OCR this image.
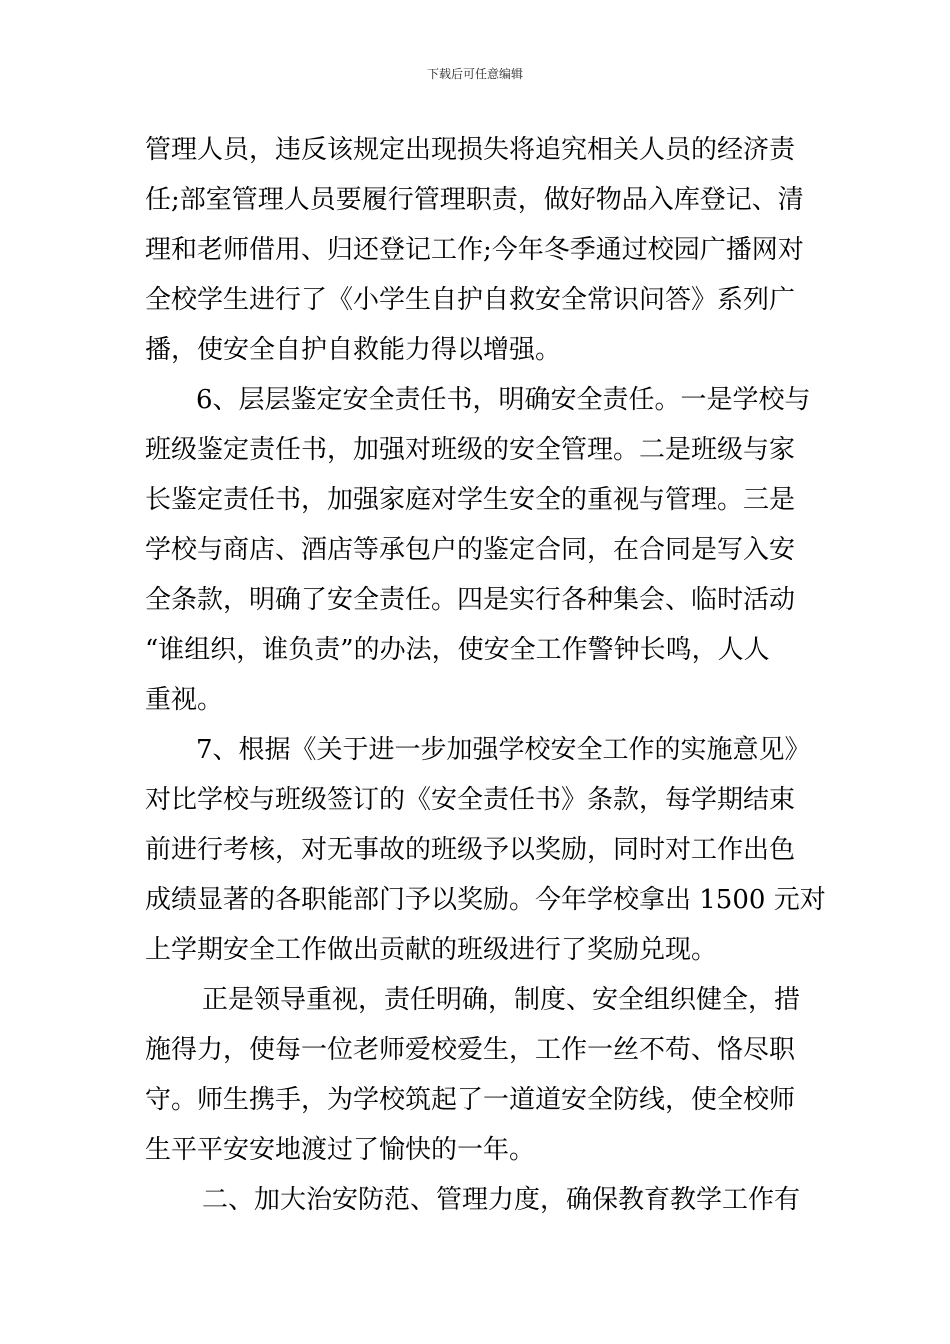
下载后可任意编辑
管理人员，违反该规定出现损失将追究相关人员的经济责
任;部室管理人员要履行管理职责，做好物品入库登记、清
理和老师借用、归还登记工作;今年冬季通过校园广播网对
全校学生进行了《小学生自护自救安全常识问答》系列广
播，使安全自护自救能力得以增强。
6、层层鉴定安全责任书，明确安全责任。一是学校与
班级鉴定责任书，加强对班级的安全管理。二是班级与家
长鉴定责任书，加强家庭对学生安全的重视与管理。三是
学校与商店、酒店等承包户的鉴定合同，在合同是写入安
全条款，明确了安全责任。四是实行各种集会、临时活动
“谁组织，谁负责”的办法，使安全工作警钟长鸣，人人
重视。
7、根据《关于进一步加强学校安全工作的实施意见》
对比学校与班级签订的《安全责任书》条款，每学期结束
前进行考核，对无事故的班级予以奖励，同时对工作出色
成绩显著的各职能部门予以奖励。今年学校拿出 1500 元对
上学期安全工作做出贡献的班级进行了奖励兑现。
正是领导重视，责任明确，制度、安全组织健全，措
施得力，使每一位老师爱校爱生，工作一丝不苟、恪尽职
守。师生携手，为学校筑起了一道道安全防线，使全校师
生平平安安地渡过了愉快的一年。
二、加大治安防范、管理力度，确保教育教学工作有
